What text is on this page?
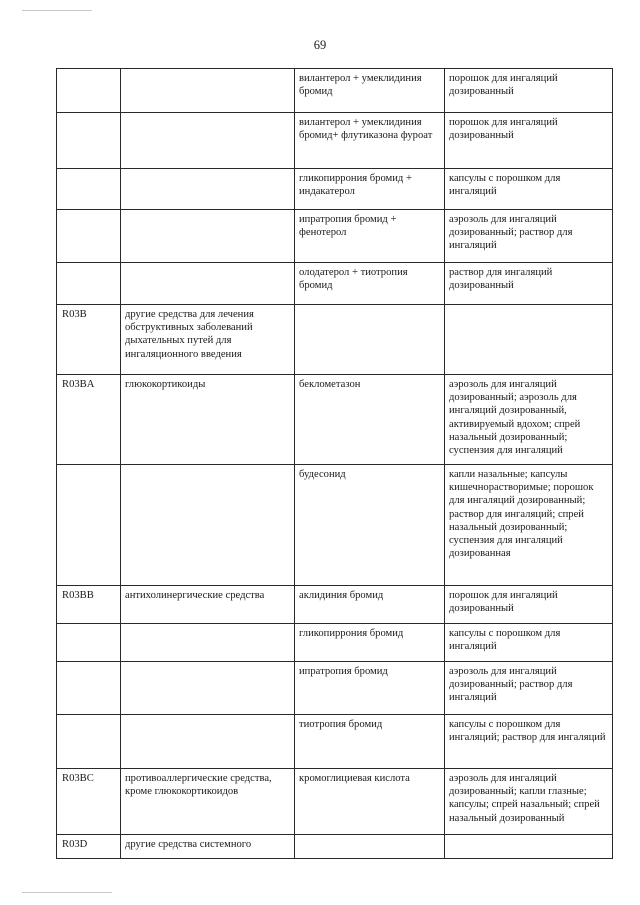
69
		вилантерол + умеклидиния бромид	порошок для ингаляций дозированный
		вилантерол + умеклидиния бромид+ флутиказона фуроат	порошок для ингаляций дозированный
		гликопиррония бромид + индакатерол	капсулы с порошком для ингаляций
		ипратропия бромид + фенотерол	аэрозоль для ингаляций дозированный; раствор для ингаляций
		олодатерол + тиотропия бромид	раствор для ингаляций дозированный
R03B	другие средства для лечения обструктивных заболеваний дыхательных путей для ингаляционного введения		
R03BA	глюкокортикоиды	беклометазон	аэрозоль для ингаляций дозированный; аэрозоль для ингаляций дозированный, активируемый вдохом; спрей назальный дозированный; суспензия для ингаляций
		будесонид	капли назальные; капсулы кишечнорастворимые; порошок для ингаляций дозированный; раствор для ингаляций; спрей назальный дозированный; суспензия для ингаляций дозированная
R03BB	антихолинергические средства	аклидиния бромид	порошок для ингаляций дозированный
		гликопиррония бромид	капсулы с порошком для ингаляций
		ипратропия бромид	аэрозоль для ингаляций дозированный; раствор для ингаляций
		тиотропия бромид	капсулы с порошком для ингаляций; раствор для ингаляций
R03BC	противоаллергические средства, кроме глюкокортикоидов	кромоглициевая кислота	аэрозоль для ингаляций дозированный; капли глазные; капсулы; спрей назальный; спрей назальный дозированный
R03D	другие средства системного		
